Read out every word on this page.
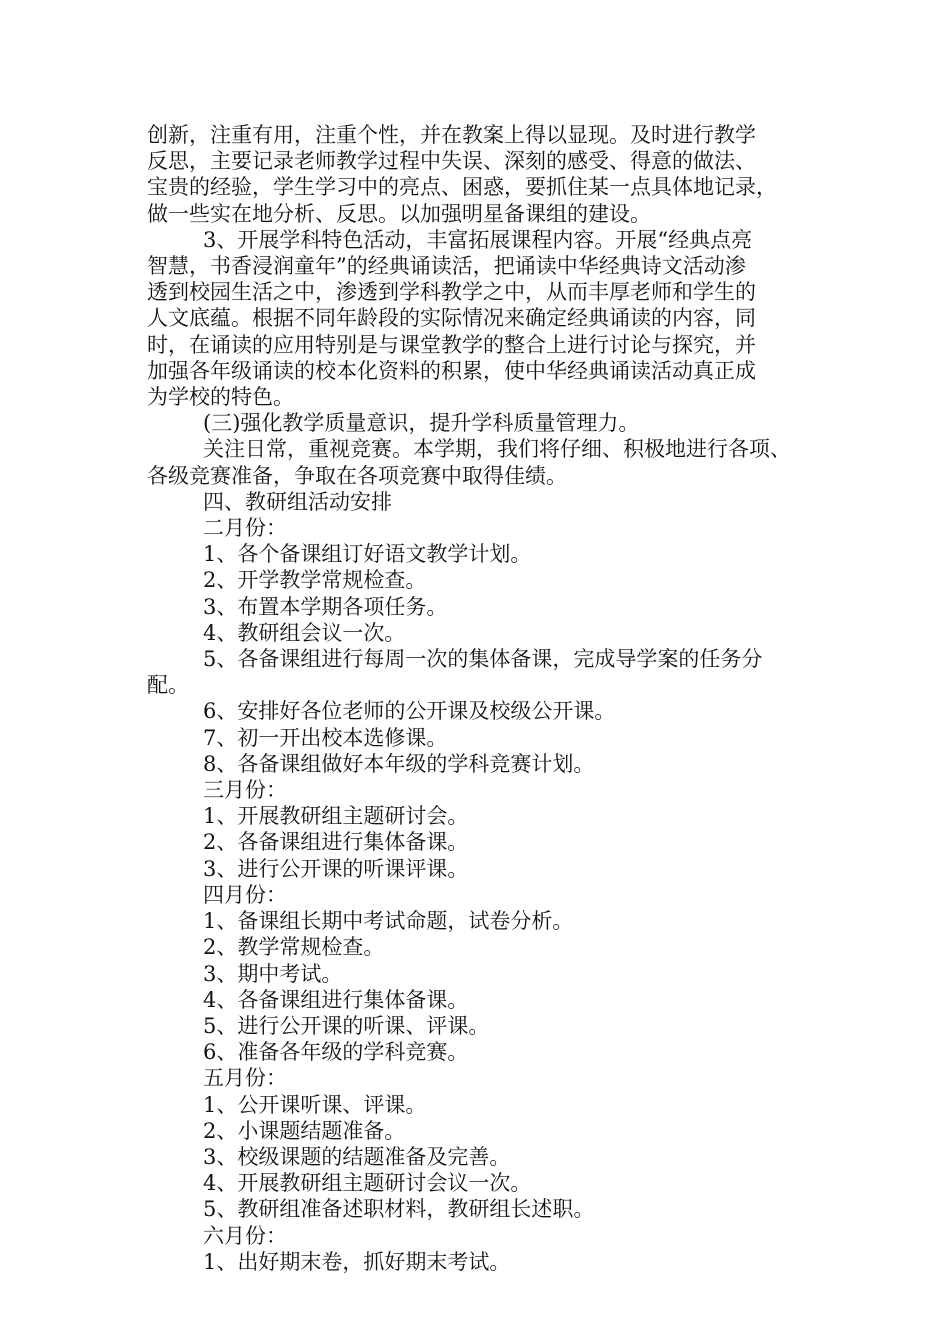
创新，注重有用，注重个性，并在教案上得以显现。及时进行教学
反思，主要记录老师教学过程中失误、深刻的感受、得意的做法、
宝贵的经验，学生学习中的亮点、困惑，要抓住某一点具体地记录，
做一些实在地分析、反思。以加强明星备课组的建设。
3、开展学科特色活动，丰富拓展课程内容。开展“经典点亮
智慧，书香浸润童年”的经典诵读活，把诵读中华经典诗文活动渗
透到校园生活之中，渗透到学科教学之中，从而丰厚老师和学生的
人文底蕴。根据不同年龄段的实际情况来确定经典诵读的内容，同
时，在诵读的应用特别是与课堂教学的整合上进行讨论与探究，并
加强各年级诵读的校本化资料的积累，使中华经典诵读活动真正成
为学校的特色。
(三)强化教学质量意识，提升学科质量管理力。
关注日常，重视竞赛。本学期，我们将仔细、积极地进行各项、
各级竞赛准备，争取在各项竞赛中取得佳绩。
四、教研组活动安排
二月份：
1、各个备课组订好语文教学计划。
2、开学教学常规检查。
3、布置本学期各项任务。
4、教研组会议一次。
5、各备课组进行每周一次的集体备课，完成导学案的任务分
配。
6、安排好各位老师的公开课及校级公开课。
7、初一开出校本选修课。
8、各备课组做好本年级的学科竞赛计划。
三月份：
1、开展教研组主题研讨会。
2、各备课组进行集体备课。
3、进行公开课的听课评课。
四月份：
1、备课组长期中考试命题，试卷分析。
2、教学常规检查。
3、期中考试。
4、各备课组进行集体备课。
5、进行公开课的听课、评课。
6、准备各年级的学科竞赛。
五月份：
1、公开课听课、评课。
2、小课题结题准备。
3、校级课题的结题准备及完善。
4、开展教研组主题研讨会议一次。
5、教研组准备述职材料，教研组长述职。
六月份：
1、出好期末卷，抓好期末考试。
